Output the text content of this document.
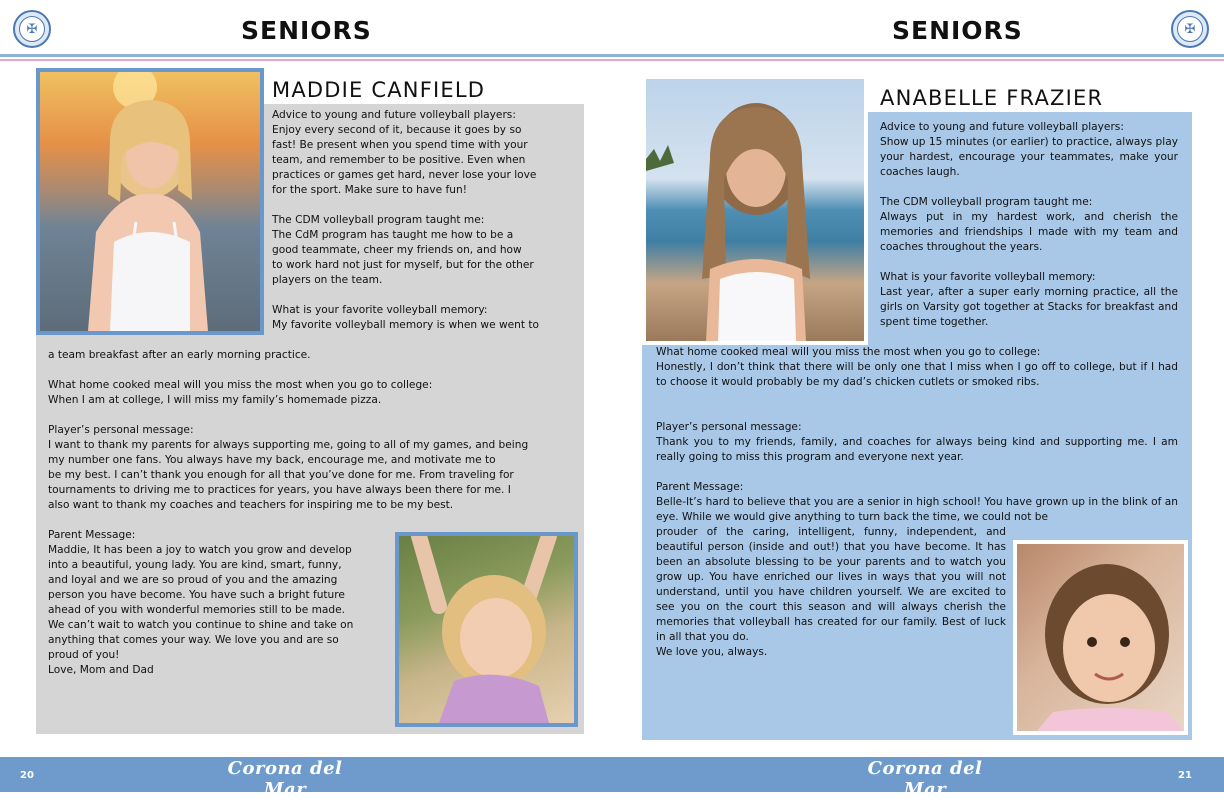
✠	SENIORS
MADDIE CANFIELD

Advice to young and future volleyball players:

Enjoy every second of it, because it goes by so

fast! Be present when you spend time with your

team, and remember to be positive. Even when

practices or games get hard, never lose your love

for the sport. Make sure to have fun!

The CDM volleyball program taught me:

The CdM program has taught me how to be a

good teammate, cheer my friends on, and how

to work hard not just for myself, but for the other

players on the team.

What is your favorite volleyball memory:

My favorite volleyball memory is when we went to

a team breakfast after an early morning practice.

What home cooked meal will you miss the most when you go to college:

When I am at college, I will miss my family’s homemade pizza.

Player’s personal message:

I want to thank my parents for always supporting me, going to all of my games, and being

my number one fans. You always have my back, encourage me, and motivate me to

be my best. I can’t thank you enough for all that you’ve done for me. From traveling for

tournaments to driving me to practices for years, you have always been there for me. I

also want to thank my coaches and teachers for inspiring me to be my best.

Parent Message:

Maddie, It has been a joy to watch you grow and develop

into a beautiful, young lady. You are kind, smart, funny,

and loyal and we are so proud of you and the amazing

person you have become. You have such a bright future

ahead of you with wonderful memories still to be made.

We can’t wait to watch you continue to shine and take on

anything that comes your way. We love you and are so

proud of you!

Love, Mom and Dad

SENIORS	✠
ANABELLE FRAZIER

Advice to young and future volleyball players:

Show up 15 minutes (or earlier) to practice, always play your hardest, encourage your teammates, make your coaches laugh.

The CDM volleyball program taught me:

Always put in my hardest work, and cherish the memories and friendships I made with my team and coaches throughout the years.

What is your favorite volleyball memory:

Last year, after a super early morning practice, all the girls on Varsity got together at Stacks for breakfast and spent time together.

What home cooked meal will you miss the most when you go to college:

Honestly, I don’t think that there will be only one that I miss when I go off to college, but if I had to choose it would probably be my dad’s chicken cutlets or smoked ribs.

Player’s personal message:

Thank you to my friends, family, and coaches for always being kind and supporting me. I am really going to miss this program and everyone next year.

Parent Message:

Belle-It’s hard to believe that you are a senior in high school! You have grown up in the blink of an eye. While we would give anything to turn back the time, we could not be

prouder of the caring, intelligent, funny, independent, and beautiful person (inside and out!) that you have become. It has been an absolute blessing to be your parents and to watch you grow up. You have enriched our lives in ways that you will not understand, until you have children yourself. We are excited to see you on the court this season and will always cherish the memories that volleyball has created for our family. Best of luck in all that you do.

We love you, always.

20	Corona del Mar
VOLLEYBALL
Corona del Mar
VOLLEYBALL
21
